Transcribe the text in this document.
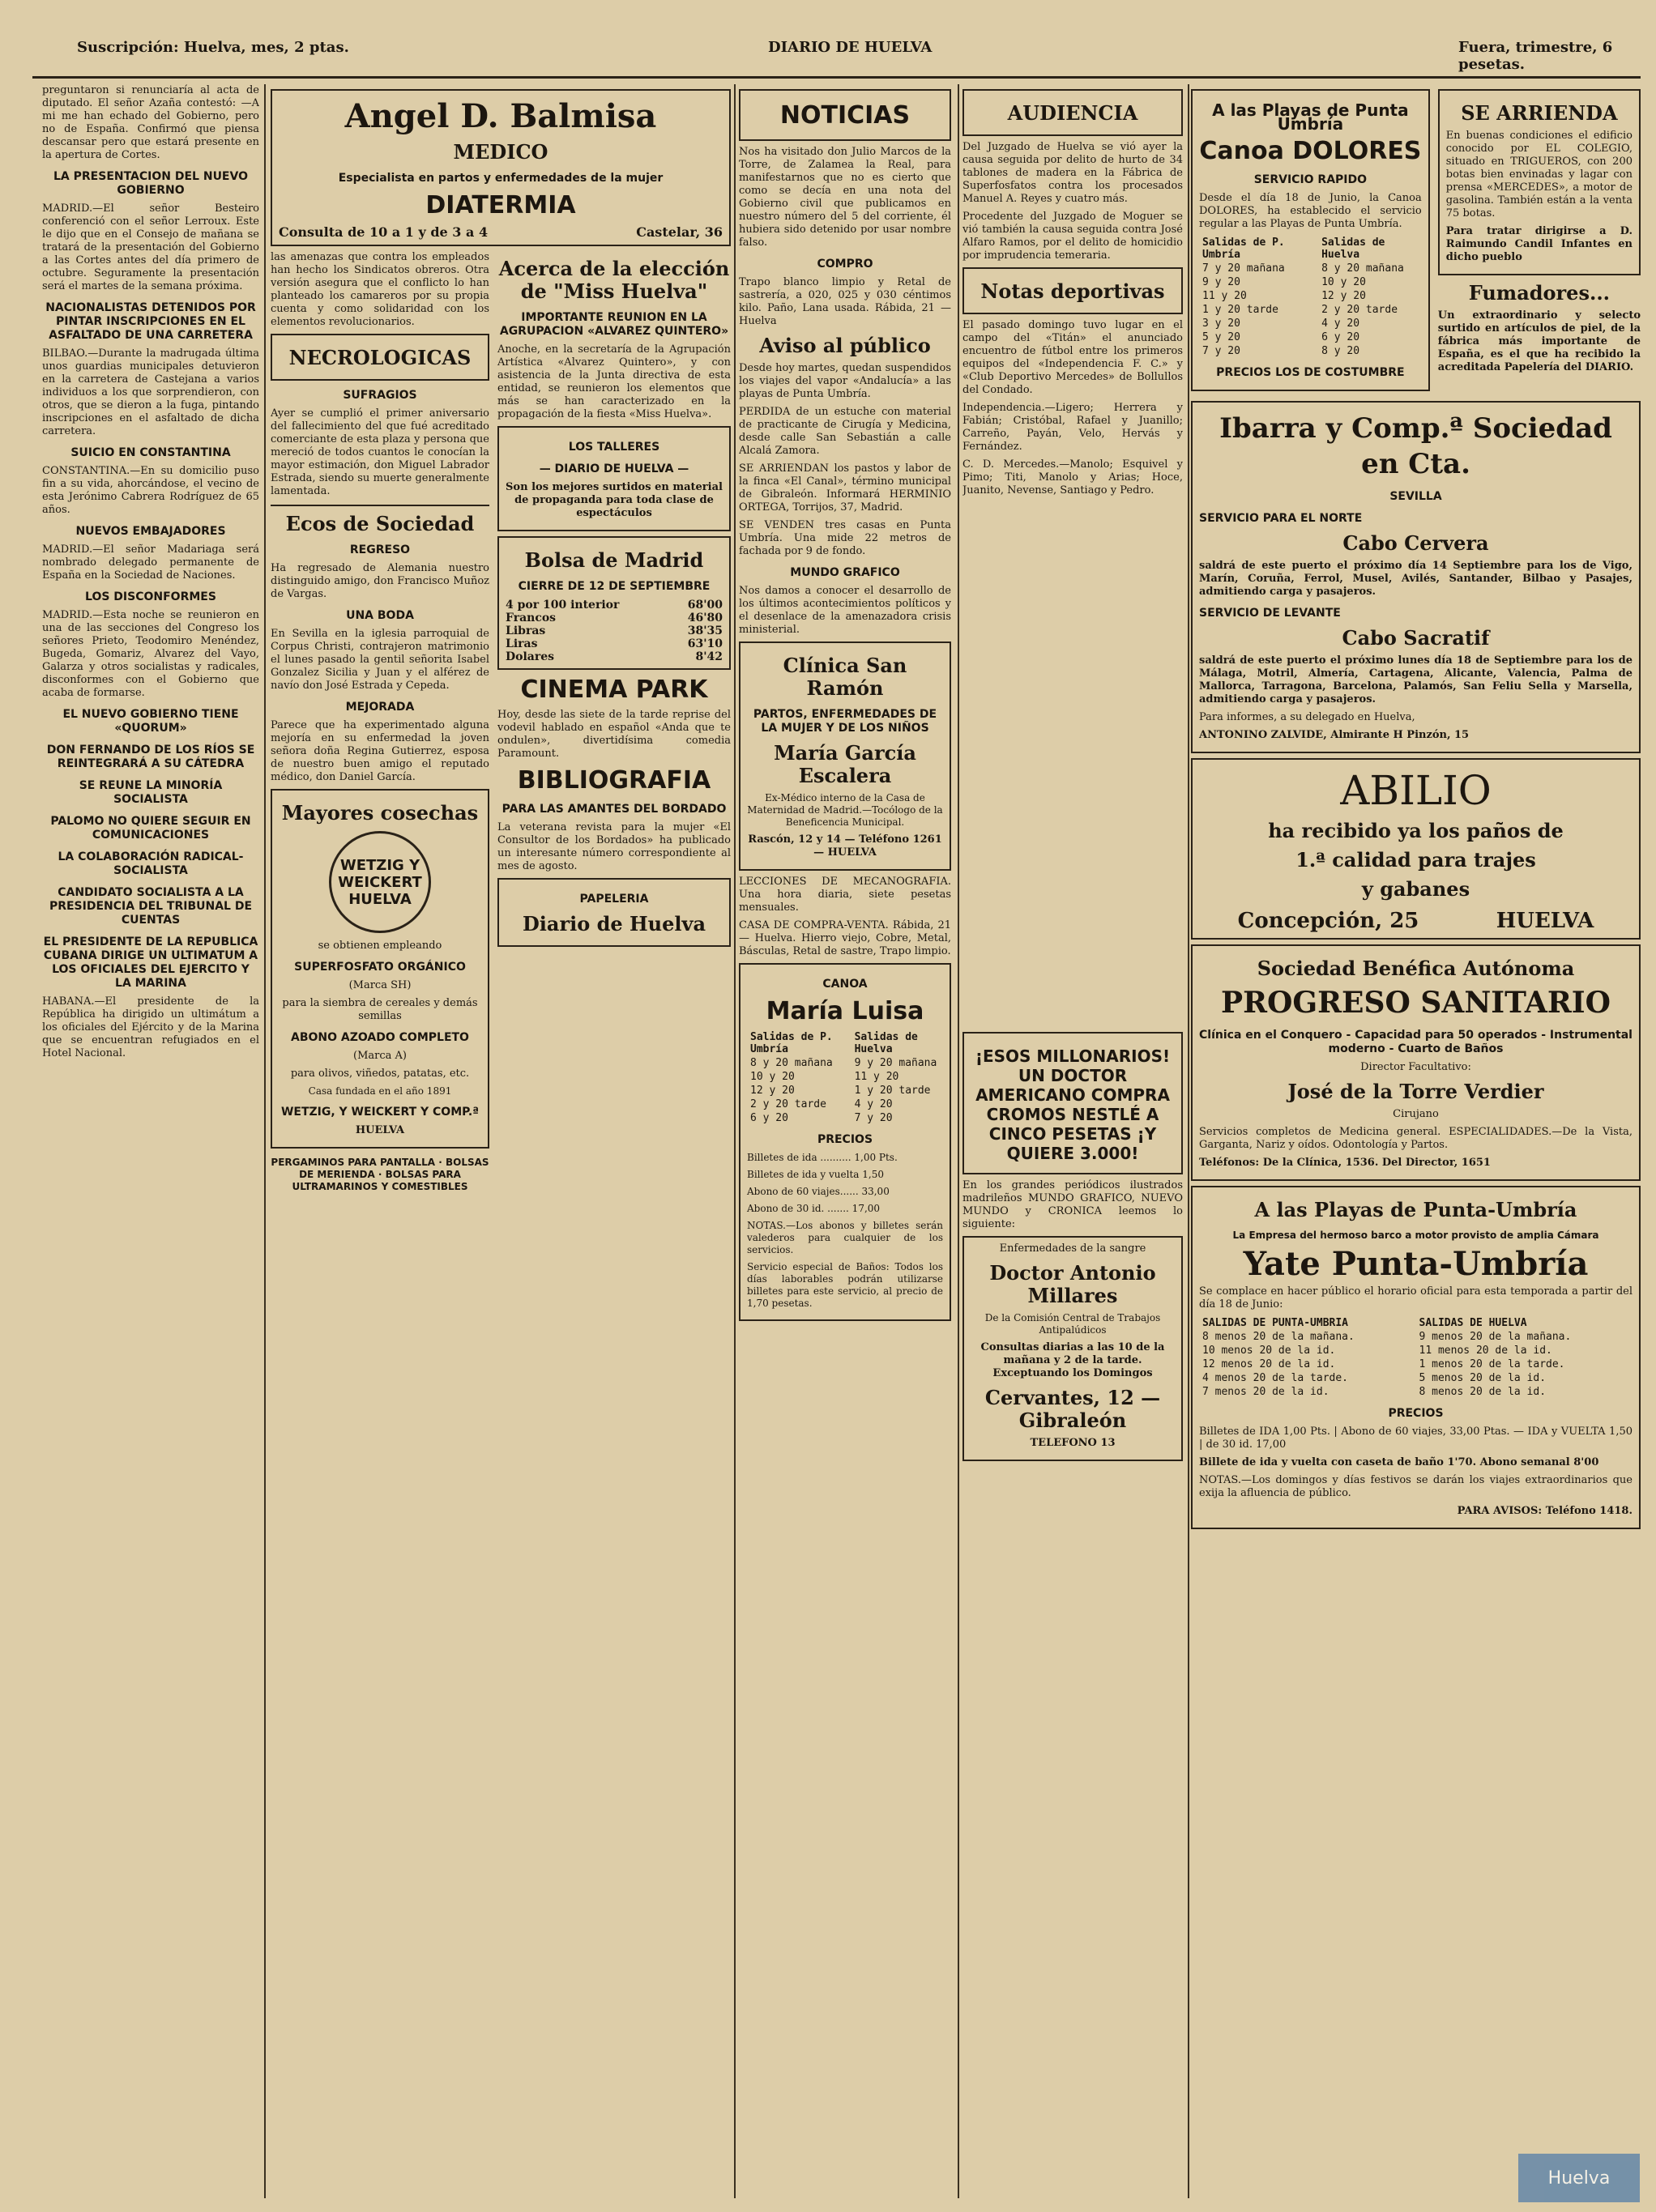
Suscripción: Huelva, mes, 2 ptas.	DIARIO DE HUELVA	Fuera, trimestre, 6 pesetas.

preguntaron si renunciaría al acta de diputado. El señor Azaña contestó: —A mi me han echado del Gobierno, pero no de España. Confirmó que piensa descansar pero que estará presente en la apertura de Cortes.

LA PRESENTACION DEL NUEVO GOBIERNO

MADRID.—El señor Besteiro conferenció con el señor Lerroux. Este le dijo que en el Consejo de mañana se tratará de la presentación del Gobierno a las Cortes antes del día primero de octubre. Seguramente la presentación será el martes de la semana próxima.

NACIONALISTAS DETENIDOS POR PINTAR INSCRIPCIONES EN EL ASFALTADO DE UNA CARRETERA

BILBAO.—Durante la madrugada última unos guardias municipales detuvieron en la carretera de Castejana a varios individuos a los que sorprendieron, con otros, que se dieron a la fuga, pintando inscripciones en el asfaltado de dicha carretera.

SUICIO EN CONSTANTINA

CONSTANTINA.—En su domicilio puso fin a su vida, ahorcándose, el vecino de esta Jerónimo Cabrera Rodríguez de 65 años.

NUEVOS EMBAJADORES

MADRID.—El señor Madariaga será nombrado delegado permanente de España en la Sociedad de Naciones.

LOS DISCONFORMES

MADRID.—Esta noche se reunieron en una de las secciones del Congreso los señores Prieto, Teodomiro Menéndez, Bugeda, Gomariz, Alvarez del Vayo, Galarza y otros socialistas y radicales, disconformes con el Gobierno que acaba de formarse.

EL NUEVO GOBIERNO TIENE «QUORUM»
DON FERNANDO DE LOS RÍOS SE REINTEGRARÁ A SU CÁTEDRA
SE REUNE LA MINORÍA SOCIALISTA
PALOMO NO QUIERE SEGUIR EN COMUNICACIONES
LA COLABORACIÓN RADICAL-SOCIALISTA
CANDIDATO SOCIALISTA A LA PRESIDENCIA DEL TRIBUNAL DE CUENTAS
EL PRESIDENTE DE LA REPUBLICA CUBANA DIRIGE UN ULTIMATUM A LOS OFICIALES DEL EJERCITO Y LA MARINA

HABANA.—El presidente de la República ha dirigido un ultimátum a los oficiales del Ejército y de la Marina que se encuentran refugiados en el Hotel Nacional.

Angel D. Balmisa
MEDICO
Especialista en partos y enfermedades de la mujer
DIATERMIA
Consulta de 10 a 1 y de 3 a 4	Castelar, 36

las amenazas que contra los empleados han hecho los Sindicatos obreros. Otra versión asegura que el conflicto lo han planteado los camareros por su propia cuenta y como solidaridad con los elementos revolucionarios.

NECROLOGICAS
SUFRAGIOS

Ayer se cumplió el primer aniversario del fallecimiento del que fué acreditado comerciante de esta plaza y persona que mereció de todos cuantos le conocían la mayor estimación, don Miguel Labrador Estrada, siendo su muerte generalmente lamentada.

Ecos de Sociedad
REGRESO

Ha regresado de Alemania nuestro distinguido amigo, don Francisco Muñoz de Vargas.

UNA BODA

En Sevilla en la iglesia parroquial de Corpus Christi, contrajeron matrimonio el lunes pasado la gentil señorita Isabel Gonzalez Sicilia y Juan y el alférez de navío don José Estrada y Cepeda.

MEJORADA

Parece que ha experimentado alguna mejoría en su enfermedad la joven señora doña Regina Gutierrez, esposa de nuestro buen amigo el reputado médico, don Daniel García.

Mayores cosechas
WETZIG Y WEICKERT HUELVA
se obtienen empleando
SUPERFOSFATO ORGÁNICO
(Marca SH)
para la siembra de cereales y demás semillas
ABONO AZOADO COMPLETO
(Marca A)
para olivos, viñedos, patatas, etc.
Casa fundada en el año 1891
WETZIG, Y WEICKERT Y COMP.ª
HUELVA
PERGAMINOS PARA PANTALLA · BOLSAS DE MERIENDA · BOLSAS PARA ULTRAMARINOS Y COMESTIBLES
Acerca de la elección de "Miss Huelva"
IMPORTANTE REUNION EN LA AGRUPACION «ALVAREZ QUINTERO»

Anoche, en la secretaría de la Agrupación Artística «Alvarez Quintero», y con asistencia de la Junta directiva de esta entidad, se reunieron los elementos que más se han caracterizado en la propagación de la fiesta «Miss Huelva».

LOS TALLERES
— DIARIO DE HUELVA —
Son los mejores surtidos en material de propaganda para toda clase de espectáculos
Bolsa de Madrid
CIERRE DE 12 DE SEPTIEMBRE
4 por 100 interior	68'00
Francos	46'80
Libras	38'35
Liras	63'10
Dolares	8'42
CINEMA PARK

Hoy, desde las siete de la tarde reprise del vodevil hablado en español «Anda que te ondulen», divertidísima comedia Paramount.

BIBLIOGRAFIA
PARA LAS AMANTES DEL BORDADO

La veterana revista para la mujer «El Consultor de los Bordados» ha publicado un interesante número correspondiente al mes de agosto.

PAPELERIA
Diario de Huelva
NOTICIAS

Nos ha visitado don Julio Marcos de la Torre, de Zalamea la Real, para manifestarnos que no es cierto que como se decía en una nota del Gobierno civil que publicamos en nuestro número del 5 del corriente, él hubiera sido detenido por usar nombre falso.

COMPRO

Trapo blanco limpio y Retal de sastrería, a 020, 025 y 030 céntimos kilo. Paño, Lana usada. Rábida, 21 — Huelva

Aviso al público

Desde hoy martes, quedan suspendidos los viajes del vapor «Andalucía» a las playas de Punta Umbría.

PERDIDA de un estuche con material de practicante de Cirugía y Medicina, desde calle San Sebastián a calle Alcalá Zamora.

SE ARRIENDAN los pastos y labor de la finca «El Canal», término municipal de Gibraleón. Informará HERMINIO ORTEGA, Torrijos, 37, Madrid.

SE VENDEN tres casas en Punta Umbría. Una mide 22 metros de fachada por 9 de fondo.

MUNDO GRAFICO

Nos damos a conocer el desarrollo de los últimos acontecimientos políticos y el desenlace de la amenazadora crisis ministerial.

Clínica San Ramón
PARTOS, ENFERMEDADES DE LA MUJER Y DE LOS NIÑOS
María García Escalera
Ex-Médico interno de la Casa de Maternidad de Madrid.—Tocólogo de la Beneficencia Municipal.
Rascón, 12 y 14 — Teléfono 1261 — HUELVA

LECCIONES DE MECANOGRAFIA. Una hora diaria, siete pesetas mensuales.

CASA DE COMPRA-VENTA. Rábida, 21 — Huelva. Hierro viejo, Cobre, Metal, Básculas, Retal de sastre, Trapo limpio.

CANOA
María Luisa
Salidas de P. Umbría	Salidas de Huelva
8 y 20 mañana	9 y 20 mañana
10 y 20	11 y 20
12 y 20	1 y 20 tarde
2 y 20 tarde	4 y 20
6 y 20	7 y 20
PRECIOS
Billetes de ida .......... 1,00 Pts.
Billetes de ida y vuelta 1,50
Abono de 60 viajes...... 33,00
Abono de 30 id. ....... 17,00
NOTAS.—Los abonos y billetes serán valederos para cualquier de los servicios.
Servicio especial de Baños: Todos los días laborables podrán utilizarse billetes para este servicio, al precio de 1,70 pesetas.
AUDIENCIA

Del Juzgado de Huelva se vió ayer la causa seguida por delito de hurto de 34 tablones de madera en la Fábrica de Superfosfatos contra los procesados Manuel A. Reyes y cuatro más.

Procedente del Juzgado de Moguer se vió también la causa seguida contra José Alfaro Ramos, por el delito de homicidio por imprudencia temeraria.

Notas deportivas

El pasado domingo tuvo lugar en el campo del «Titán» el anunciado encuentro de fútbol entre los primeros equipos del «Independencia F. C.» y «Club Deportivo Mercedes» de Bollullos del Condado.

Independencia.—Ligero; Herrera y Fabián; Cristóbal, Rafael y Juanillo; Carreño, Payán, Velo, Hervás y Fernández.

C. D. Mercedes.—Manolo; Esquivel y Pimo; Titi, Manolo y Arias; Hoce, Juanito, Nevense, Santiago y Pedro.

¡ESOS MILLONARIOS! UN DOCTOR AMERICANO COMPRA CROMOS NESTLÉ A CINCO PESETAS ¡Y QUIERE 3.000!

En los grandes periódicos ilustrados madrileños MUNDO GRAFICO, NUEVO MUNDO y CRONICA leemos lo siguiente:

Enfermedades de la sangre
Doctor Antonio Millares
De la Comisión Central de Trabajos Antipalúdicos
Consultas diarias a las 10 de la mañana y 2 de la tarde. Exceptuando los Domingos
Cervantes, 12 — Gibraleón
TELEFONO 13
A las Playas de Punta Umbría
Canoa DOLORES
SERVICIO RAPIDO

Desde el día 18 de Junio, la Canoa DOLORES, ha establecido el servicio regular a las Playas de Punta Umbría.

Salidas de P. Umbría	Salidas de Huelva
7 y 20 mañana	8 y 20 mañana
9 y 20	10 y 20
11 y 20	12 y 20
1 y 20 tarde	2 y 20 tarde
3 y 20	4 y 20
5 y 20	6 y 20
7 y 20	8 y 20
PRECIOS LOS DE COSTUMBRE
SE ARRIENDA

En buenas condiciones el edificio conocido por EL COLEGIO, situado en TRIGUEROS, con 200 botas bien envinadas y lagar con prensa «MERCEDES», a motor de gasolina. También están a la venta 75 botas.

Para tratar dirigirse a D. Raimundo Candil Infantes en dicho pueblo

Fumadores...

Un extraordinario y selecto surtido en artículos de piel, de la fábrica más importante de España, es el que ha recibido la acreditada Papelería del DIARIO.

Ibarra y Comp.ª Sociedad en Cta.
SEVILLA
SERVICIO PARA EL NORTE
Cabo Cervera

saldrá de este puerto el próximo día 14 Septiembre para los de Vigo, Marín, Coruña, Ferrol, Musel, Avilés, Santander, Bilbao y Pasajes, admitiendo carga y pasajeros.

SERVICIO DE LEVANTE
Cabo Sacratif

saldrá de este puerto el próximo lunes día 18 de Septiembre para los de Málaga, Motril, Almería, Cartagena, Alicante, Valencia, Palma de Mallorca, Tarragona, Barcelona, Palamós, San Feliu Sella y Marsella, admitiendo carga y pasajeros.

Para informes, a su delegado en Huelva,

ANTONINO ZALVIDE, Almirante H Pinzón, 15

ABILIO
ha recibido ya los paños de
1.ª calidad para trajes
y gabanes
Concepción, 25	HUELVA
Sociedad Benéfica Autónoma
PROGRESO SANITARIO
Clínica en el Conquero - Capacidad para 50 operados - Instrumental moderno - Cuarto de Baños
Director Facultativo:
José de la Torre Verdier
Cirujano

Servicios completos de Medicina general. ESPECIALIDADES.—De la Vista, Garganta, Nariz y oídos. Odontología y Partos.

Teléfonos: De la Clínica, 1536. Del Director, 1651

A las Playas de Punta-Umbría
La Empresa del hermoso barco a motor provisto de amplia Cámara
Yate Punta-Umbría

Se complace en hacer público el horario oficial para esta temporada a partir del día 18 de Junio:

SALIDAS DE PUNTA-UMBRIA	SALIDAS DE HUELVA
8 menos 20 de la mañana.	9 menos 20 de la mañana.
10 menos 20 de la id.	11 menos 20 de la id.
12 menos 20 de la id.	1 menos 20 de la tarde.
4 menos 20 de la tarde.	5 menos 20 de la id.
7 menos 20 de la id.	8 menos 20 de la id.
PRECIOS

Billetes de IDA 1,00 Pts. | Abono de 60 viajes, 33,00 Ptas. — IDA y VUELTA 1,50 | de 30 id. 17,00

Billete de ida y vuelta con caseta de baño 1'70. Abono semanal 8'00

NOTAS.—Los domingos y días festivos se darán los viajes extraordinarios que exija la afluencia de público.

PARA AVISOS: Teléfono 1418.

Huelva
